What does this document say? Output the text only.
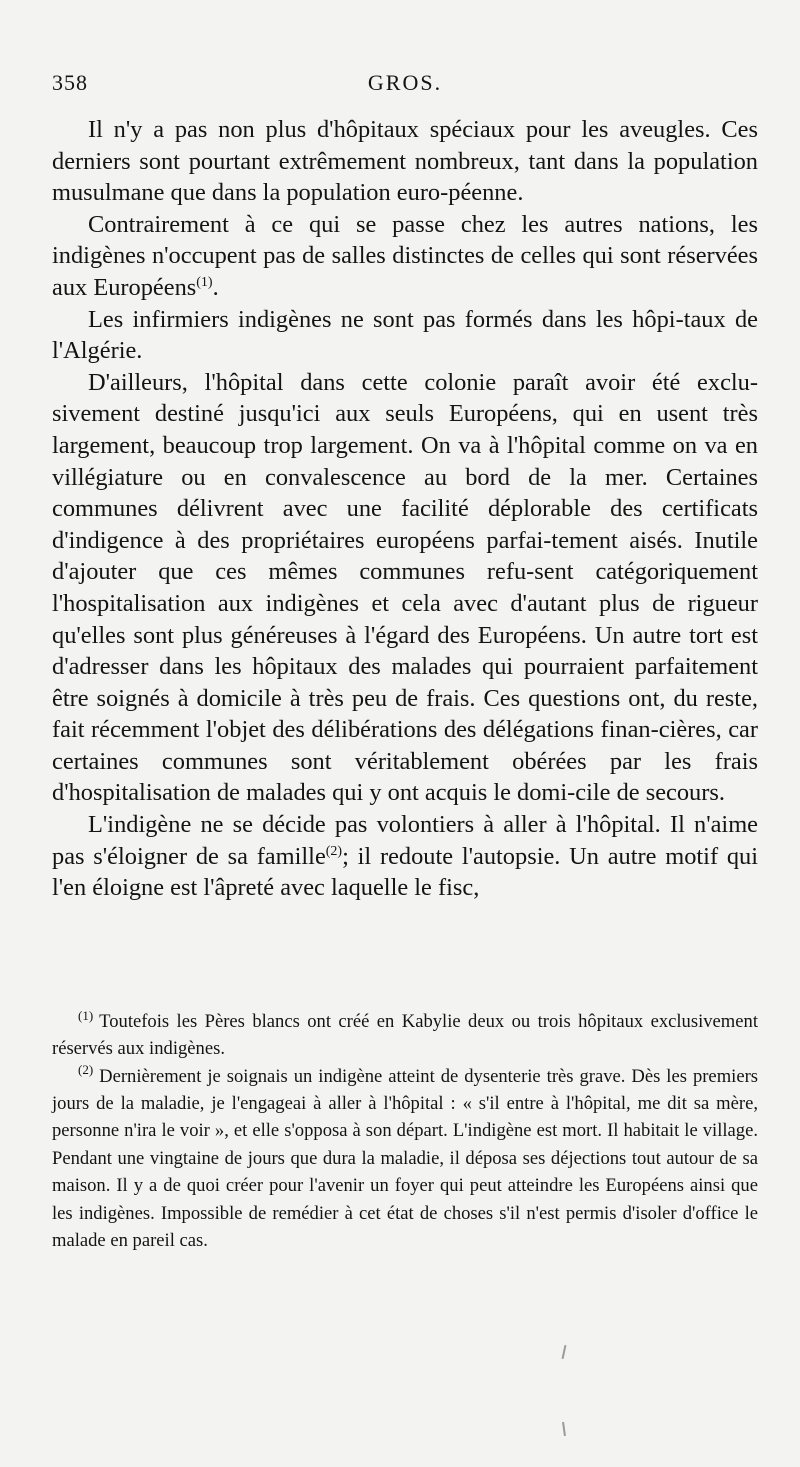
358	GROS.

Il n'y a pas non plus d'hôpitaux spéciaux pour les aveugles. Ces derniers sont pourtant extrêmement nombreux, tant dans la population musulmane que dans la population euro-péenne.

Contrairement à ce qui se passe chez les autres nations, les indigènes n'occupent pas de salles distinctes de celles qui sont réservées aux Européens$^{(1)}$.

Les infirmiers indigènes ne sont pas formés dans les hôpi-taux de l'Algérie.

D'ailleurs, l'hôpital dans cette colonie paraît avoir été exclu-sivement destiné jusqu'ici aux seuls Européens, qui en usent très largement, beaucoup trop largement. On va à l'hôpital comme on va en villégiature ou en convalescence au bord de la mer. Certaines communes délivrent avec une facilité déplorable des certificats d'indigence à des propriétaires européens parfai-tement aisés. Inutile d'ajouter que ces mêmes communes refu-sent catégoriquement l'hospitalisation aux indigènes et cela avec d'autant plus de rigueur qu'elles sont plus généreuses à l'égard des Européens. Un autre tort est d'adresser dans les hôpitaux des malades qui pourraient parfaitement être soignés à domicile à très peu de frais. Ces questions ont, du reste, fait récemment l'objet des délibérations des délégations finan-cières, car certaines communes sont véritablement obérées par les frais d'hospitalisation de malades qui y ont acquis le domi-cile de secours.

L'indigène ne se décide pas volontiers à aller à l'hôpital. Il n'aime pas s'éloigner de sa famille$^{(2)}$; il redoute l'autopsie. Un autre motif qui l'en éloigne est l'âpreté avec laquelle le fisc,

$^{(1)}$ Toutefois les Pères blancs ont créé en Kabylie deux ou trois hôpitaux exclusivement réservés aux indigènes.

$^{(2)}$ Dernièrement je soignais un indigène atteint de dysenterie très grave. Dès les premiers jours de la maladie, je l'engageai à aller à l'hôpital : « s'il entre à l'hôpital, me dit sa mère, personne n'ira le voir », et elle s'opposa à son départ. L'indigène est mort. Il habitait le village. Pendant une vingtaine de jours que dura la maladie, il déposa ses déjections tout autour de sa maison. Il y a de quoi créer pour l'avenir un foyer qui peut atteindre les Européens ainsi que les indigènes. Impossible de remédier à cet état de choses s'il n'est permis d'isoler d'office le malade en pareil cas.
